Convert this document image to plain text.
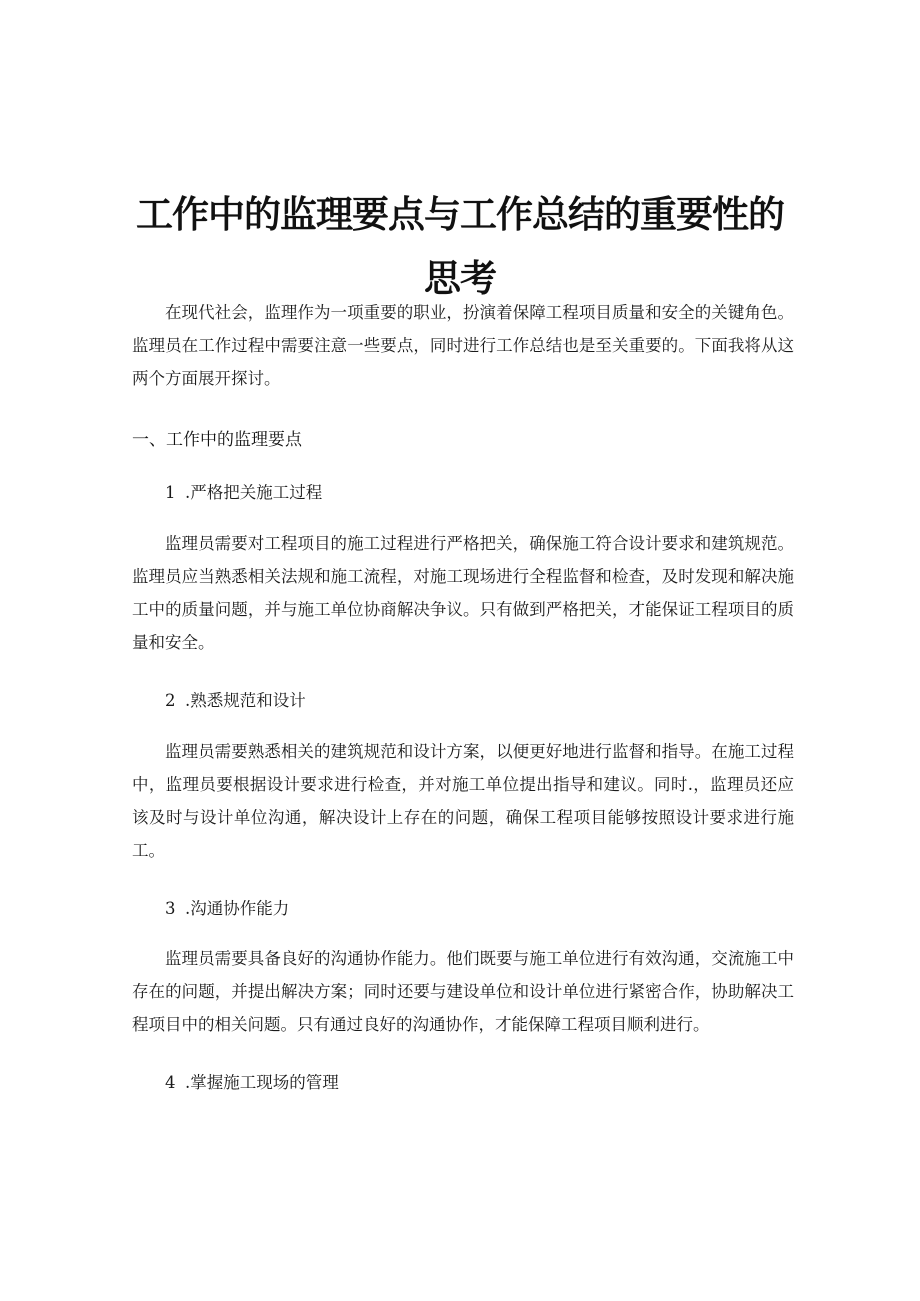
工作中的监理要点与工作总结的重要性的思考

在现代社会，监理作为一项重要的职业，扮演着保障工程项目质量和安全的关键角色。监理员在工作过程中需要注意一些要点，同时进行工作总结也是至关重要的。下面我将从这两个方面展开探讨。

一、工作中的监理要点
1 .严格把关施工过程

监理员需要对工程项目的施工过程进行严格把关，确保施工符合设计要求和建筑规范。监理员应当熟悉相关法规和施工流程，对施工现场进行全程监督和检查，及时发现和解决施工中的质量问题，并与施工单位协商解决争议。只有做到严格把关，才能保证工程项目的质量和安全。

2 .熟悉规范和设计

监理员需要熟悉相关的建筑规范和设计方案，以便更好地进行监督和指导。在施工过程中，监理员要根据设计要求进行检查，并对施工单位提出指导和建议。同时.，监理员还应该及时与设计单位沟通，解决设计上存在的问题，确保工程项目能够按照设计要求进行施工。

3 .沟通协作能力

监理员需要具备良好的沟通协作能力。他们既要与施工单位进行有效沟通，交流施工中存在的问题，并提出解决方案；同时还要与建设单位和设计单位进行紧密合作，协助解决工程项目中的相关问题。只有通过良好的沟通协作，才能保障工程项目顺利进行。

4 .掌握施工现场的管理
